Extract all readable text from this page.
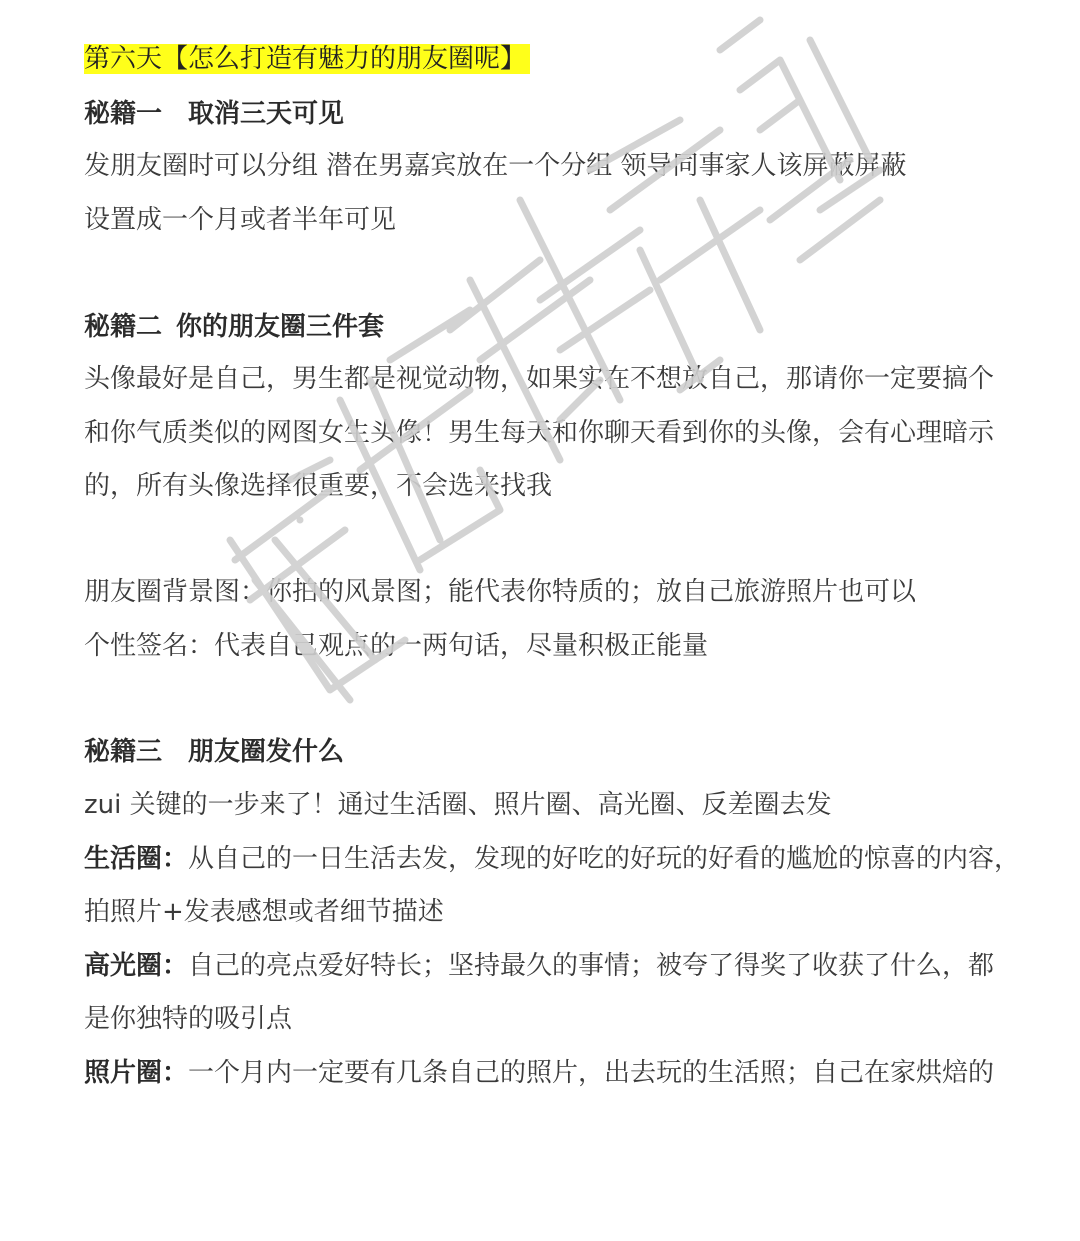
第六天【怎么打造有魅力的朋友圈呢】
秘籍一 取消三天可见
发朋友圈时可以分组 潜在男嘉宾放在一个分组 领导同事家人该屏蔽屏蔽
设置成一个月或者半年可见
秘籍二 你的朋友圈三件套
头像最好是自己，男生都是视觉动物，如果实在不想放自己，那请你一定要搞个
和你气质类似的网图女生头像！男生每天和你聊天看到你的头像，会有心理暗示
的，所有头像选择很重要，不会选来找我
朋友圈背景图：你拍的风景图；能代表你特质的；放自己旅游照片也可以
个性签名：代表自己观点的一两句话，尽量积极正能量
秘籍三 朋友圈发什么
zui 关键的一步来了！通过生活圈、照片圈、高光圈、反差圈去发
生活圈：从自己的一日生活去发，发现的好吃的好玩的好看的尴尬的惊喜的内容，
拍照片+发表感想或者细节描述
高光圈：自己的亮点爱好特长；坚持最久的事情；被夸了得奖了收获了什么，都
是你独特的吸引点
照片圈：一个月内一定要有几条自己的照片，出去玩的生活照；自己在家烘焙的
